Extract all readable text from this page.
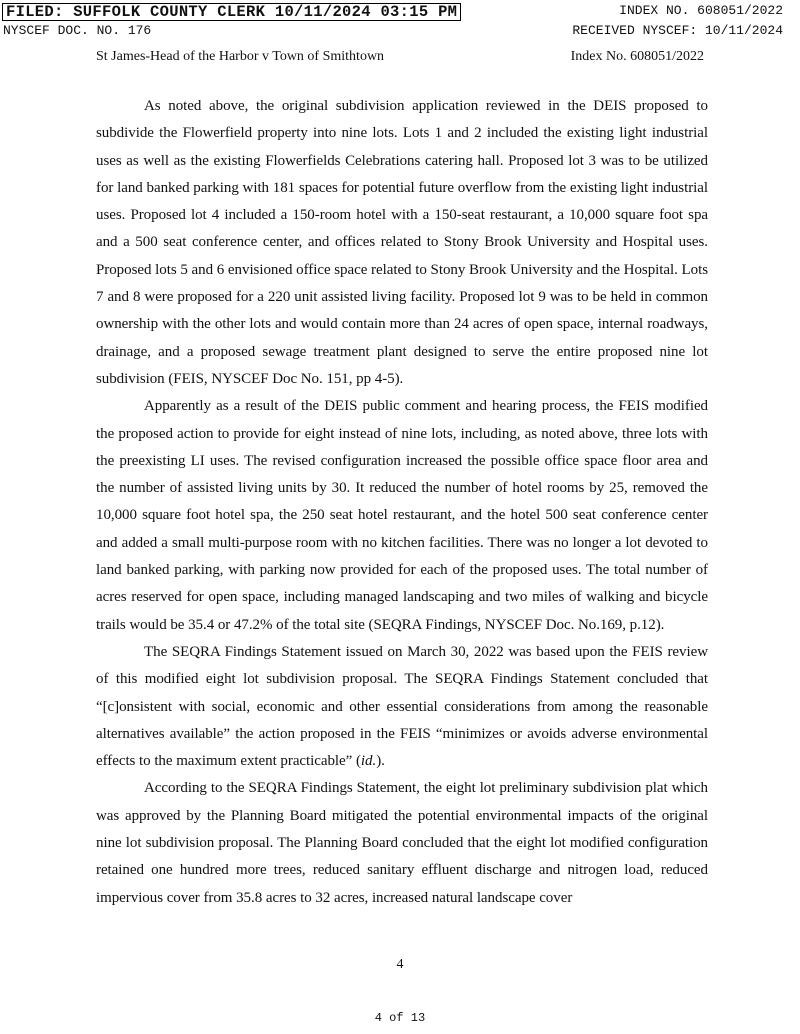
FILED: SUFFOLK COUNTY CLERK 10/11/2024 03:15 PM	INDEX NO. 608051/2022
NYSCEF DOC. NO. 176	RECEIVED NYSCEF: 10/11/2024
St James-Head of the Harbor v Town of Smithtown	Index No. 608051/2022

As noted above, the original subdivision application reviewed in the DEIS proposed to subdivide the Flowerfield property into nine lots. Lots 1 and 2 included the existing light industrial uses as well as the existing Flowerfields Celebrations catering hall. Proposed lot 3 was to be utilized for land banked parking with 181 spaces for potential future overflow from the existing light industrial uses. Proposed lot 4 included a 150-room hotel with a 150-seat restaurant, a 10,000 square foot spa and a 500 seat conference center, and offices related to Stony Brook University and Hospital uses. Proposed lots 5 and 6 envisioned office space related to Stony Brook University and the Hospital. Lots 7 and 8 were proposed for a 220 unit assisted living facility. Proposed lot 9 was to be held in common ownership with the other lots and would contain more than 24 acres of open space, internal roadways, drainage, and a proposed sewage treatment plant designed to serve the entire proposed nine lot subdivision (FEIS, NYSCEF Doc No. 151, pp 4-5).

Apparently as a result of the DEIS public comment and hearing process, the FEIS modified the proposed action to provide for eight instead of nine lots, including, as noted above, three lots with the preexisting LI uses. The revised configuration increased the possible office space floor area and the number of assisted living units by 30. It reduced the number of hotel rooms by 25, removed the 10,000 square foot hotel spa, the 250 seat hotel restaurant, and the hotel 500 seat conference center and added a small multi-purpose room with no kitchen facilities. There was no longer a lot devoted to land banked parking, with parking now provided for each of the proposed uses. The total number of acres reserved for open space, including managed landscaping and two miles of walking and bicycle trails would be 35.4 or 47.2% of the total site (SEQRA Findings, NYSCEF Doc. No.169, p.12).

The SEQRA Findings Statement issued on March 30, 2022 was based upon the FEIS review of this modified eight lot subdivision proposal. The SEQRA Findings Statement concluded that “[c]onsistent with social, economic and other essential considerations from among the reasonable alternatives available” the action proposed in the FEIS “minimizes or avoids adverse environmental effects to the maximum extent practicable” (id.).

According to the SEQRA Findings Statement, the eight lot preliminary subdivision plat which was approved by the Planning Board mitigated the potential environmental impacts of the original nine lot subdivision proposal. The Planning Board concluded that the eight lot modified configuration retained one hundred more trees, reduced sanitary effluent discharge and nitrogen load, reduced impervious cover from 35.8 acres to 32 acres, increased natural landscape cover

4
4 of 13
